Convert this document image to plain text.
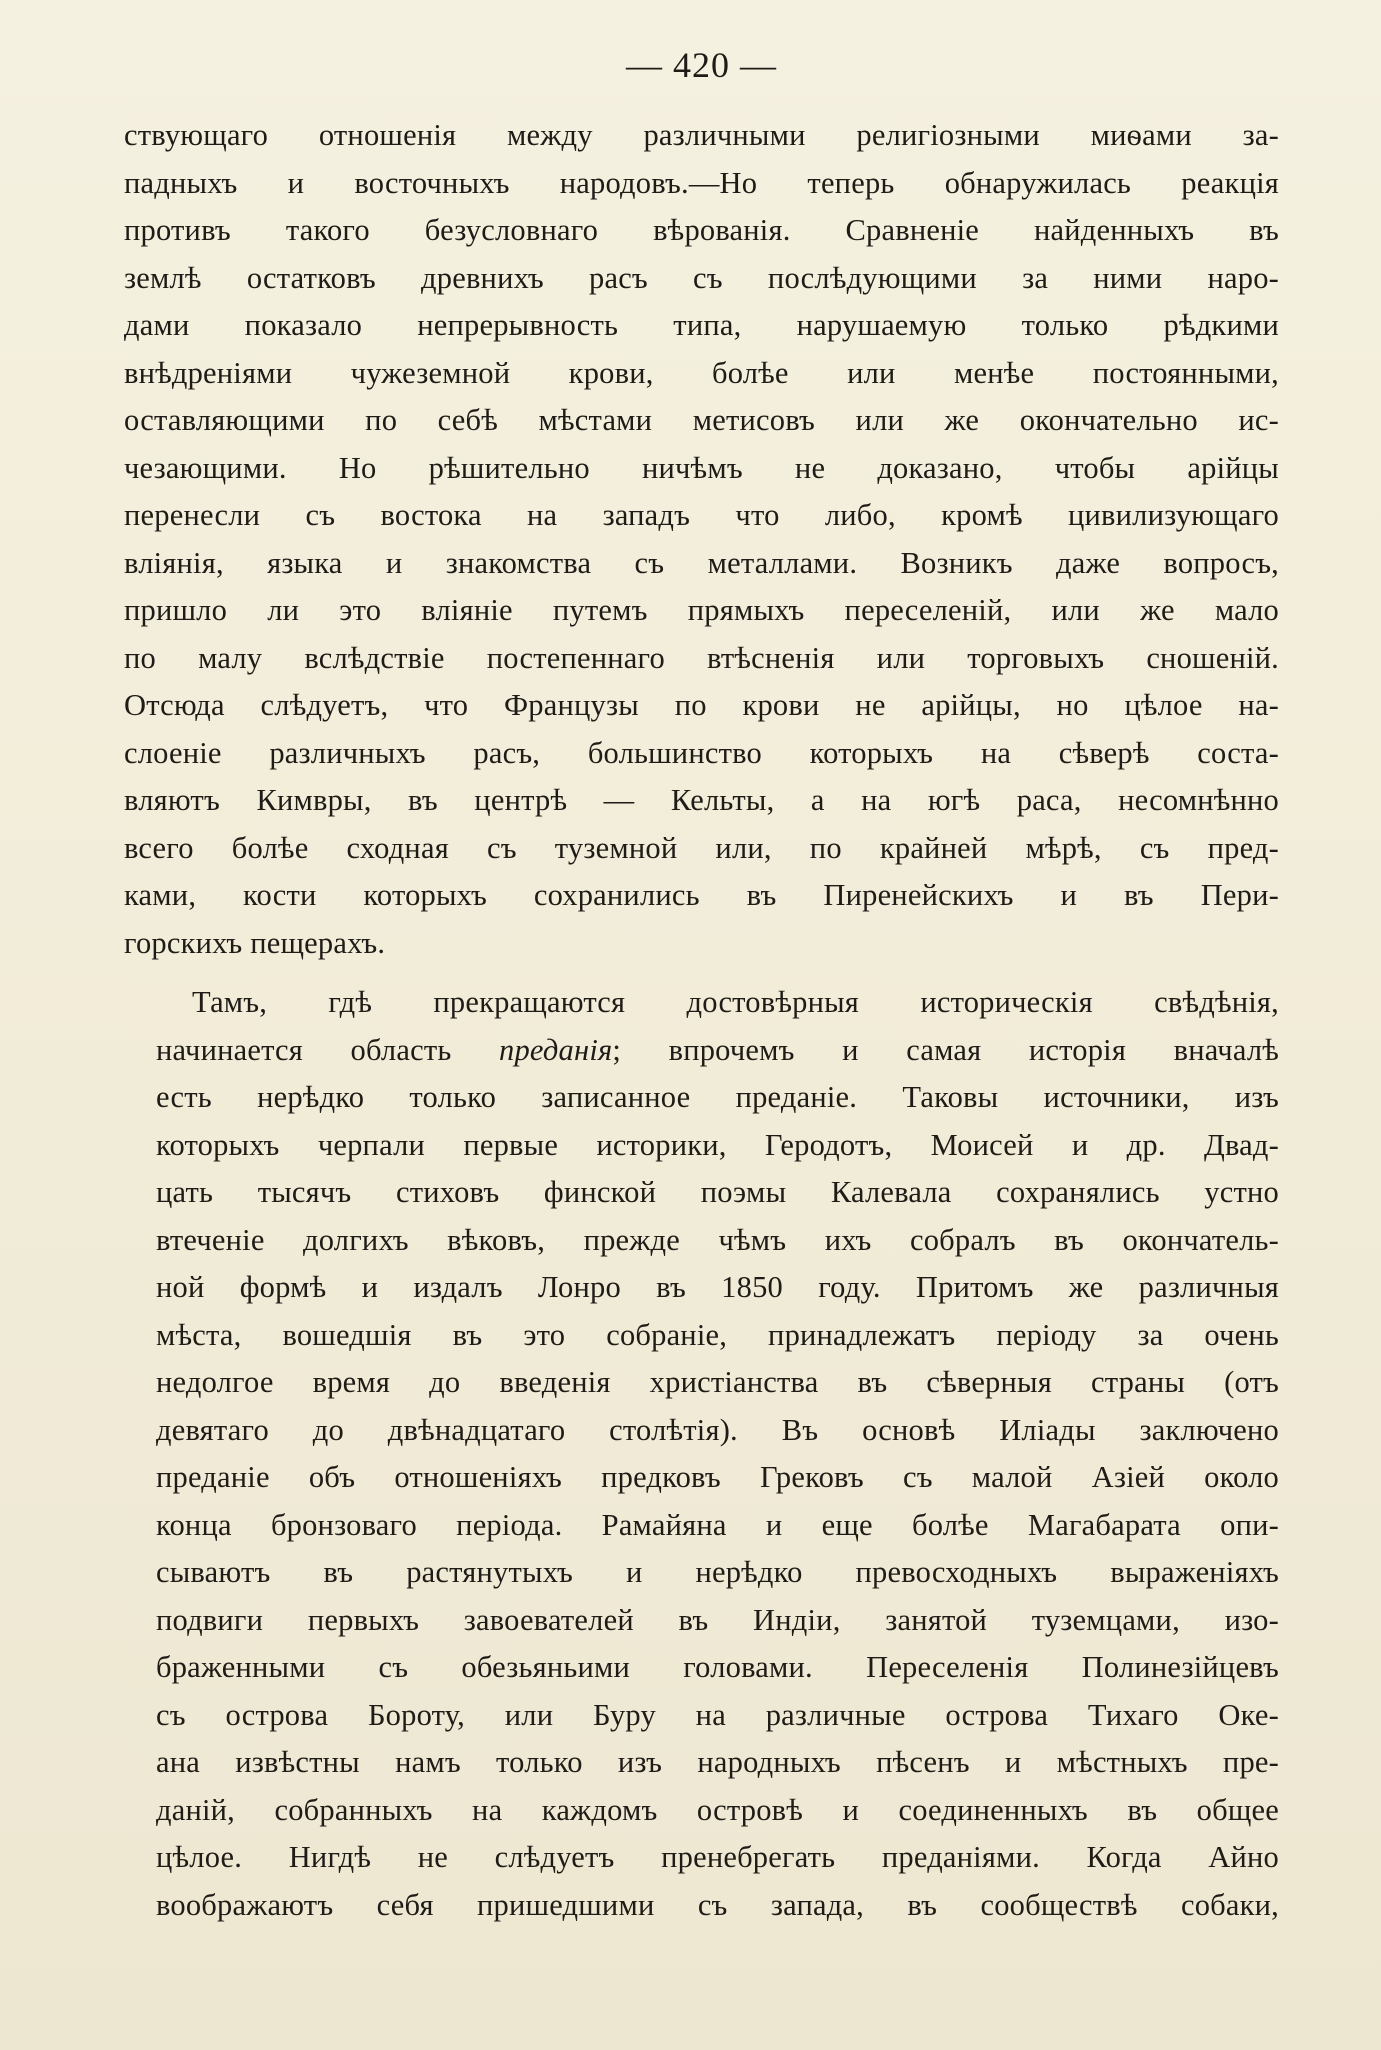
— 420 —
ствующаго отношенія между различными религіозными миѳами за-
падныхъ и восточныхъ народовъ.—Но теперь обнаружилась реакція
противъ такого безусловнаго вѣрованія. Сравненіе найденныхъ въ
землѣ остатковъ древнихъ расъ съ послѣдующими за ними наро-
дами показало непрерывность типа, нарушаемую только рѣдкими
внѣдреніями чужеземной крови, болѣе или менѣе постоянными,
оставляющими по себѣ мѣстами метисовъ или же окончательно ис-
чезающими. Но рѣшительно ничѣмъ не доказано, чтобы арійцы
перенесли съ востока на западъ что либо, кромѣ цивилизующаго
вліянія, языка и знакомства съ металлами. Возникъ даже вопросъ,
пришло ли это вліяніе путемъ прямыхъ переселеній, или же мало
по малу вслѣдствіе постепеннаго втѣсненія или торговыхъ сношеній.
Отсюда слѣдуетъ, что Французы по крови не арійцы, но цѣлое на-
слоеніе различныхъ расъ, большинство которыхъ на сѣверѣ соста-
вляютъ Кимвры, въ центрѣ — Кельты, а на югѣ раса, несомнѣнно
всего болѣе сходная съ туземной или, по крайней мѣрѣ, съ пред-
ками, кости которыхъ сохранились въ Пиренейскихъ и въ Пери-
горскихъ пещерахъ.
Тамъ, гдѣ прекращаются достовѣрныя историческія свѣдѣнія,
начинается область преданія; впрочемъ и самая исторія вначалѣ
есть нерѣдко только записанное преданіе. Таковы источники, изъ
которыхъ черпали первые историки, Геродотъ, Моисей и др. Двад-
цать тысячъ стиховъ финской поэмы Калевала сохранялись устно
втеченіе долгихъ вѣковъ, прежде чѣмъ ихъ собралъ въ окончатель-
ной формѣ и издалъ Лонро въ 1850 году. Притомъ же различныя
мѣста, вошедшія въ это собраніе, принадлежатъ періоду за очень
недолгое время до введенія христіанства въ сѣверныя страны (отъ
девятаго до двѣнадцатаго столѣтія). Въ основѣ Иліады заключено
преданіе объ отношеніяхъ предковъ Грековъ съ малой Азіей около
конца бронзоваго періода. Рамайяна и еще болѣе Магабарата опи-
сываютъ въ растянутыхъ и нерѣдко превосходныхъ выраженіяхъ
подвиги первыхъ завоевателей въ Индіи, занятой туземцами, изо-
браженными съ обезьяньими головами. Переселенія Полинезійцевъ
съ острова Бороту, или Буру на различные острова Тихаго Оке-
ана извѣстны намъ только изъ народныхъ пѣсенъ и мѣстныхъ пре-
даній, собранныхъ на каждомъ островѣ и соединенныхъ въ общее
цѣлое. Нигдѣ не слѣдуетъ пренебрегать преданіями. Когда Айно
воображаютъ себя пришедшими съ запада, въ сообществѣ собаки,
